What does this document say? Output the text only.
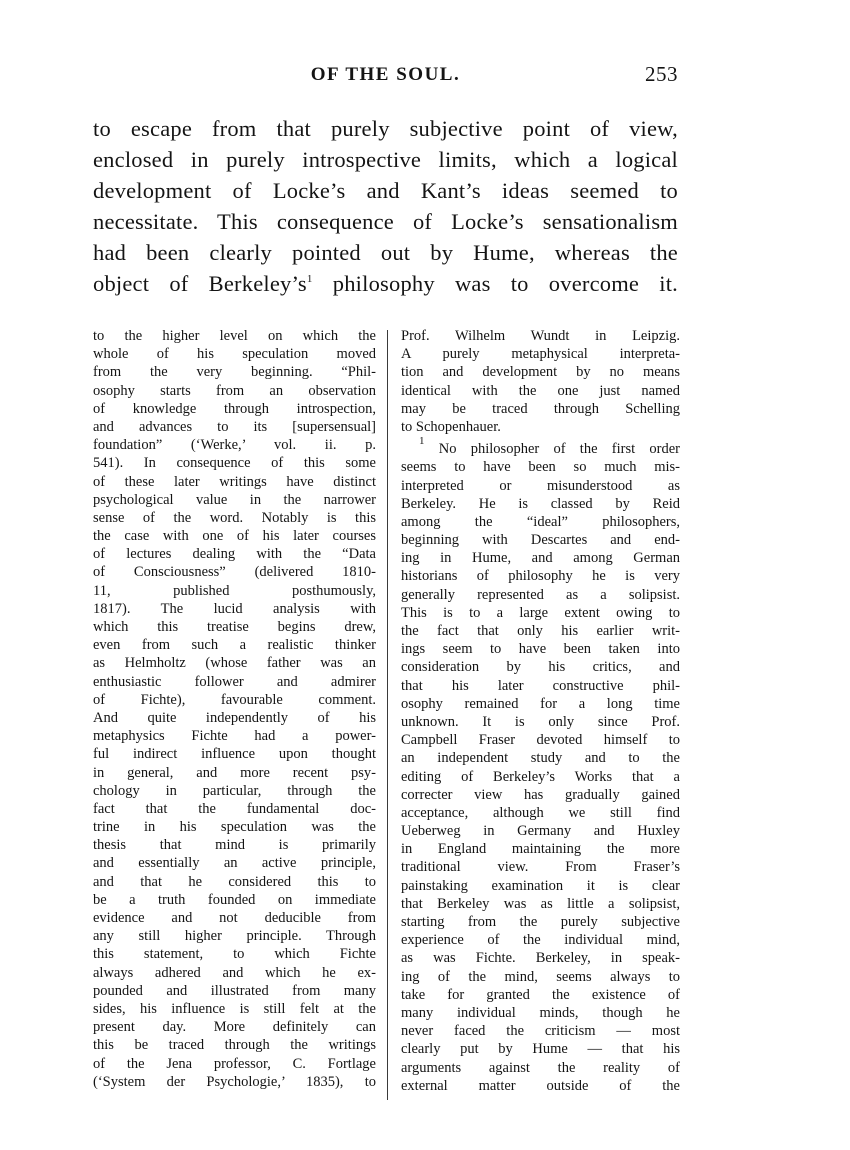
OF THE SOUL.	253
to escape from that purely subjective point of view,
enclosed in purely introspective limits, which a logical
development of Locke’s and Kant’s ideas seemed to
necessitate. This consequence of Locke’s sensationalism
had been clearly pointed out by Hume, whereas the
object of $Berkeley’s^1$ philosophy was to overcome it.
to the higher level on which the
whole of his speculation moved
from the very beginning. “Phil-
osophy starts from an observation
of knowledge through introspection,
and advances to its [supersensual]
foundation” (‘Werke,’ vol. ii. p.
541). In consequence of this some
of these later writings have distinct
psychological value in the narrower
sense of the word. Notably is this
the case with one of his later courses
of lectures dealing with the “Data
of Consciousness” (delivered 1810-
11, published posthumously,
1817). The lucid analysis with
which this treatise begins drew,
even from such a realistic thinker
as Helmholtz (whose father was an
enthusiastic follower and admirer
of Fichte), favourable comment.
And quite independently of his
metaphysics Fichte had a power-
ful indirect influence upon thought
in general, and more recent psy-
chology in particular, through the
fact that the fundamental doc-
trine in his speculation was the
thesis that mind is primarily
and essentially an active principle,
and that he considered this to
be a truth founded on immediate
evidence and not deducible from
any still higher principle. Through
this statement, to which Fichte
always adhered and which he ex-
pounded and illustrated from many
sides, his influence is still felt at the
present day. More definitely can
this be traced through the writings
of the Jena professor, C. Fortlage
(‘System der Psychologie,’ 1835), to
Prof. Wilhelm Wundt in Leipzig.
A purely metaphysical interpreta-
tion and development by no means
identical with the one just named
may be traced through Schelling
to Schopenhauer.
$^1$ No philosopher of the first order
seems to have been so much mis-
interpreted or misunderstood as
Berkeley. He is classed by Reid
among the “ideal” philosophers,
beginning with Descartes and end-
ing in Hume, and among German
historians of philosophy he is very
generally represented as a solipsist.
This is to a large extent owing to
the fact that only his earlier writ-
ings seem to have been taken into
consideration by his critics, and
that his later constructive phil-
osophy remained for a long time
unknown. It is only since Prof.
Campbell Fraser devoted himself to
an independent study and to the
editing of Berkeley’s Works that a
correcter view has gradually gained
acceptance, although we still find
Ueberweg in Germany and Huxley
in England maintaining the more
traditional view. From Fraser’s
painstaking examination it is clear
that Berkeley was as little a solipsist,
starting from the purely subjective
experience of the individual mind,
as was Fichte. Berkeley, in speak-
ing of the mind, seems always to
take for granted the existence of
many individual minds, though he
never faced the criticism — most
clearly put by Hume — that his
arguments against the reality of
external matter outside of the
